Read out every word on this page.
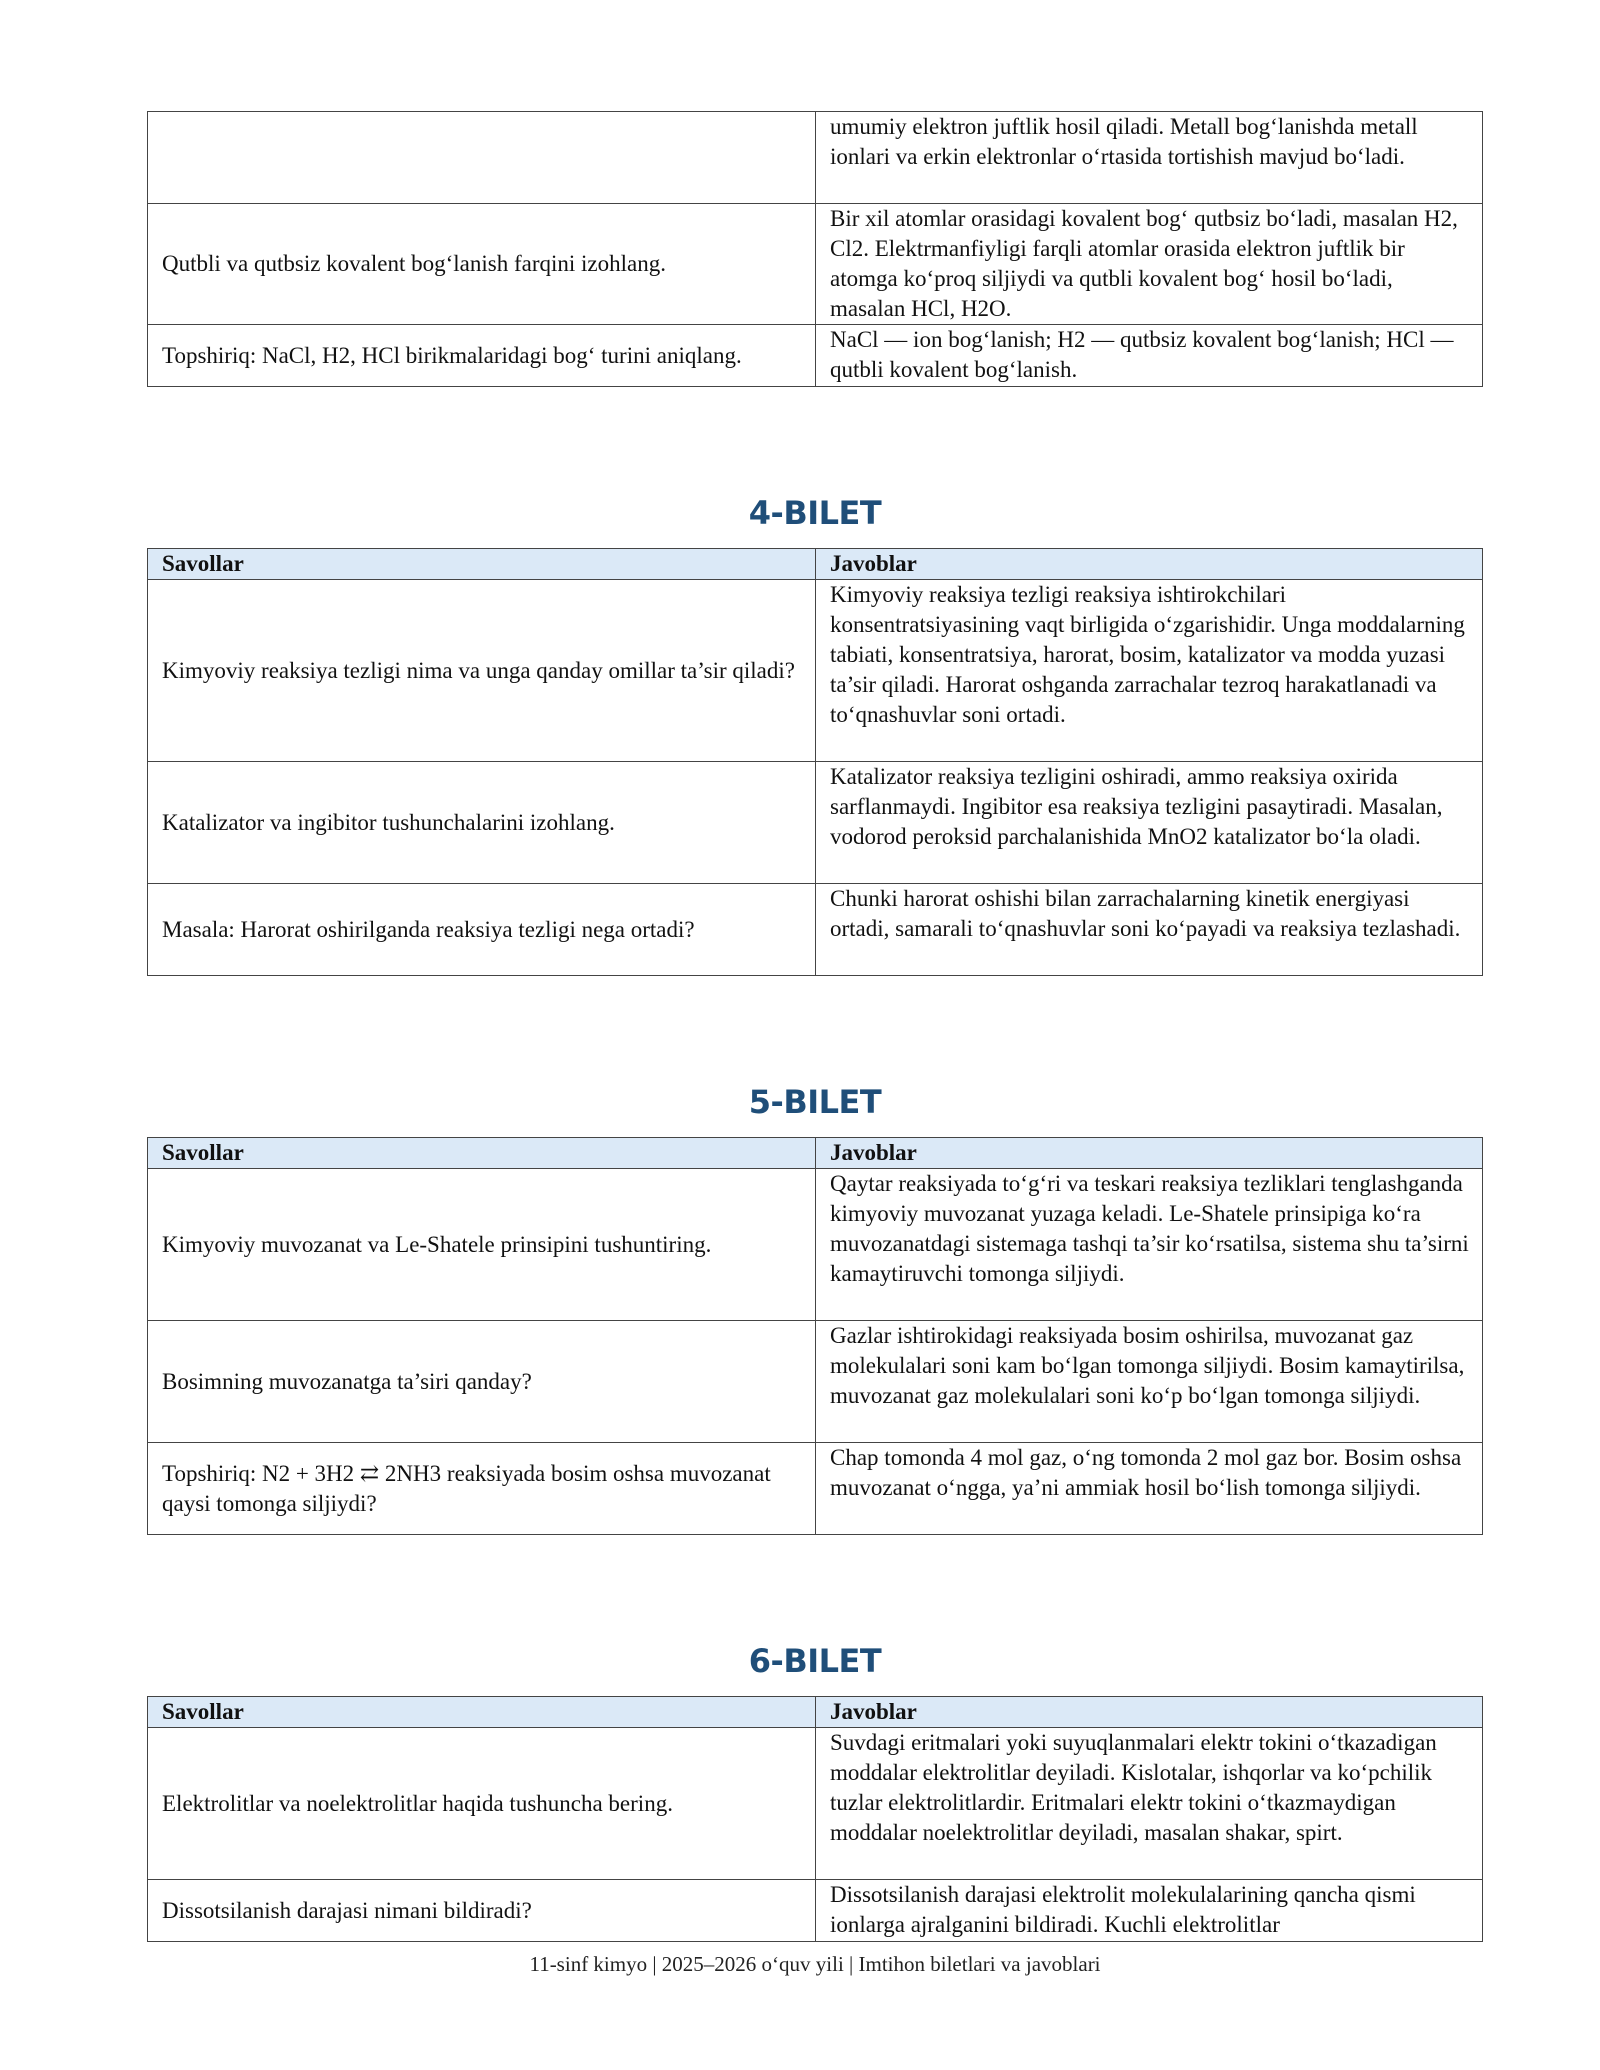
	umumiy elektron juftlik hosil qiladi. Metall bog‘lanishda metall ionlari va erkin elektronlar o‘rtasida tortishish mavjud bo‘ladi.
Qutbli va qutbsiz kovalent bog‘lanish farqini izohlang.	Bir xil atomlar orasidagi kovalent bog‘ qutbsiz bo‘ladi, masalan H2, Cl2. Elektrmanfiyligi farqli atomlar orasida elektron juftlik bir atomga ko‘proq siljiydi va qutbli kovalent bog‘ hosil bo‘ladi, masalan HCl, H2O.
Topshiriq: NaCl, H2, HCl birikmalaridagi bog‘ turini aniqlang.	NaCl — ion bog‘lanish; H2 — qutbsiz kovalent bog‘lanish; HCl — qutbli kovalent bog‘lanish.
4-BILET
Savollar	Javoblar
Kimyoviy reaksiya tezligi nima va unga qanday omillar ta’sir qiladi?	Kimyoviy reaksiya tezligi reaksiya ishtirokchilari konsentratsiyasining vaqt birligida o‘zgarishidir. Unga moddalarning tabiati, konsentratsiya, harorat, bosim, katalizator va modda yuzasi ta’sir qiladi. Harorat oshganda zarrachalar tezroq harakatlanadi va to‘qnashuvlar soni ortadi.
Katalizator va ingibitor tushunchalarini izohlang.	Katalizator reaksiya tezligini oshiradi, ammo reaksiya oxirida sarflanmaydi. Ingibitor esa reaksiya tezligini pasaytiradi. Masalan, vodorod peroksid parchalanishida MnO2 katalizator bo‘la oladi.
Masala: Harorat oshirilganda reaksiya tezligi nega ortadi?	Chunki harorat oshishi bilan zarrachalarning kinetik energiyasi ortadi, samarali to‘qnashuvlar soni ko‘payadi va reaksiya tezlashadi.
5-BILET
Savollar	Javoblar
Kimyoviy muvozanat va Le-Shatele prinsipini tushuntiring.	Qaytar reaksiyada to‘g‘ri va teskari reaksiya tezliklari tenglashganda kimyoviy muvozanat yuzaga keladi. Le-Shatele prinsipiga ko‘ra muvozanatdagi sistemaga tashqi ta’sir ko‘rsatilsa, sistema shu ta’sirni kamaytiruvchi tomonga siljiydi.
Bosimning muvozanatga ta’siri qanday?	Gazlar ishtirokidagi reaksiyada bosim oshirilsa, muvozanat gaz molekulalari soni kam bo‘lgan tomonga siljiydi. Bosim kamaytirilsa, muvozanat gaz molekulalari soni ko‘p bo‘lgan tomonga siljiydi.
Topshiriq: N2 + 3H2 ⇄ 2NH3 reaksiyada bosim oshsa muvozanat qaysi tomonga siljiydi?	Chap tomonda 4 mol gaz, o‘ng tomonda 2 mol gaz bor. Bosim oshsa muvozanat o‘ngga, ya’ni ammiak hosil bo‘lish tomonga siljiydi.
6-BILET
Savollar	Javoblar
Elektrolitlar va noelektrolitlar haqida tushuncha bering.	Suvdagi eritmalari yoki suyuqlanmalari elektr tokini o‘tkazadigan moddalar elektrolitlar deyiladi. Kislotalar, ishqorlar va ko‘pchilik tuzlar elektrolitlardir. Eritmalari elektr tokini o‘tkazmaydigan moddalar noelektrolitlar deyiladi, masalan shakar, spirt.
Dissotsilanish darajasi nimani bildiradi?	Dissotsilanish darajasi elektrolit molekulalarining qancha qismi ionlarga ajralganini bildiradi. Kuchli elektrolitlar
11-sinf kimyo | 2025–2026 o‘quv yili | Imtihon biletlari va javoblari
